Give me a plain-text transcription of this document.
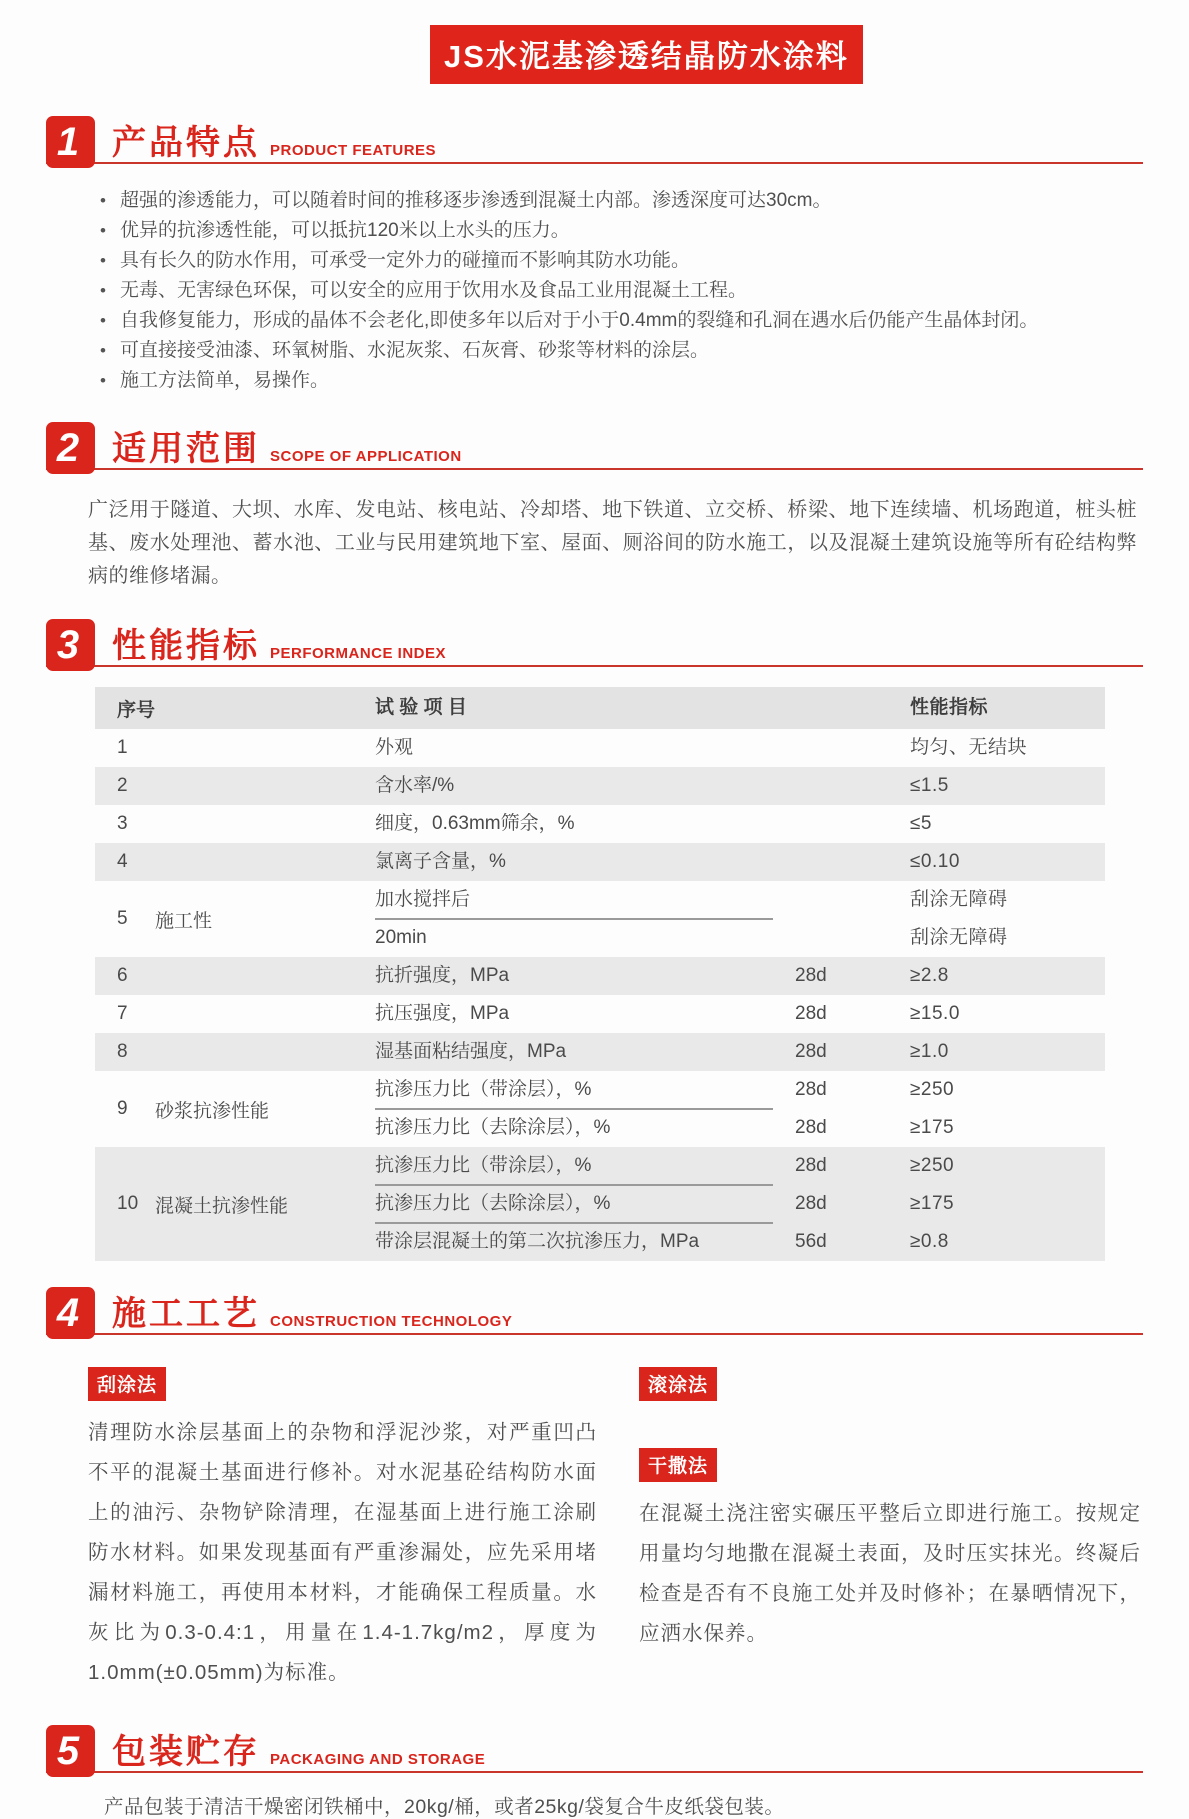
JS水泥基渗透结晶防水涂料
1 产品特点 PRODUCT FEATURES
• 超强的渗透能力，可以随着时间的推移逐步渗透到混凝土内部。渗透深度可达30cm。
• 优异的抗渗透性能，可以抵抗120米以上水头的压力。
• 具有长久的防水作用，可承受一定外力的碰撞而不影响其防水功能。
• 无毒、无害绿色环保，可以安全的应用于饮用水及食品工业用混凝土工程。
• 自我修复能力，形成的晶体不会老化,即使多年以后对于小于0.4mm的裂缝和孔洞在遇水后仍能产生晶体封闭。
• 可直接接受油漆、环氧树脂、水泥灰浆、石灰膏、砂浆等材料的涂层。
• 施工方法简单，易操作。
2 适用范围 SCOPE OF APPLICATION

广泛用于隧道、大坝、水库、发电站、核电站、冷却塔、地下铁道、立交桥、桥梁、地下连续墙、机场跑道，桩头桩基、废水处理池、蓄水池、工业与民用建筑地下室、屋面、厕浴间的防水施工，以及混凝土建筑设施等所有砼结构弊病的维修堵漏。

3 性能指标 PERFORMANCE INDEX
序号	试 验 项 目	性能指标
1	外观	均匀、无结块
2	含水率/%	≤1.5
3	细度，0.63mm筛余，%	≤5
4	氯离子含量，%	≤0.10
5	施工性
加水搅拌后	刮涂无障碍
20min	刮涂无障碍
6	抗折强度，MPa	28d	≥2.8
7	抗压强度，MPa	28d	≥15.0
8	湿基面粘结强度，MPa	28d	≥1.0
9	砂浆抗渗性能
抗渗压力比（带涂层），%	28d	≥250
抗渗压力比（去除涂层），%	28d	≥175
10 混凝土抗渗性能
抗渗压力比（带涂层），%	28d	≥250
抗渗压力比（去除涂层），%	28d	≥175
带涂层混凝土的第二次抗渗压力，MPa	56d	≥0.8
4 施工工艺 CONSTRUCTION TECHNOLOGY
刮涂法

清理防水涂层基面上的杂物和浮泥沙浆，对严重凹凸不平的混凝土基面进行修补。对水泥基砼结构防水面上的油污、杂物铲除清理，在湿基面上进行施工涂刷防水材料。如果发现基面有严重渗漏处，应先采用堵漏材料施工，再使用本材料，才能确保工程质量。水灰比为0.3-0.4:1，用量在1.4-1.7kg/m2，厚度为1.0mm(±0.05mm)为标准。

滚涂法
干撒法

在混凝土浇注密实碾压平整后立即进行施工。按规定用量均匀地撒在混凝土表面，及时压实抹光。终凝后检查是否有不良施工处并及时修补；在暴晒情况下，应洒水保养。

5 包装贮存 PACKAGING AND STORAGE

产品包装于清洁干燥密闭铁桶中，20kg/桶，或者25kg/袋复合牛皮纸袋包装。
